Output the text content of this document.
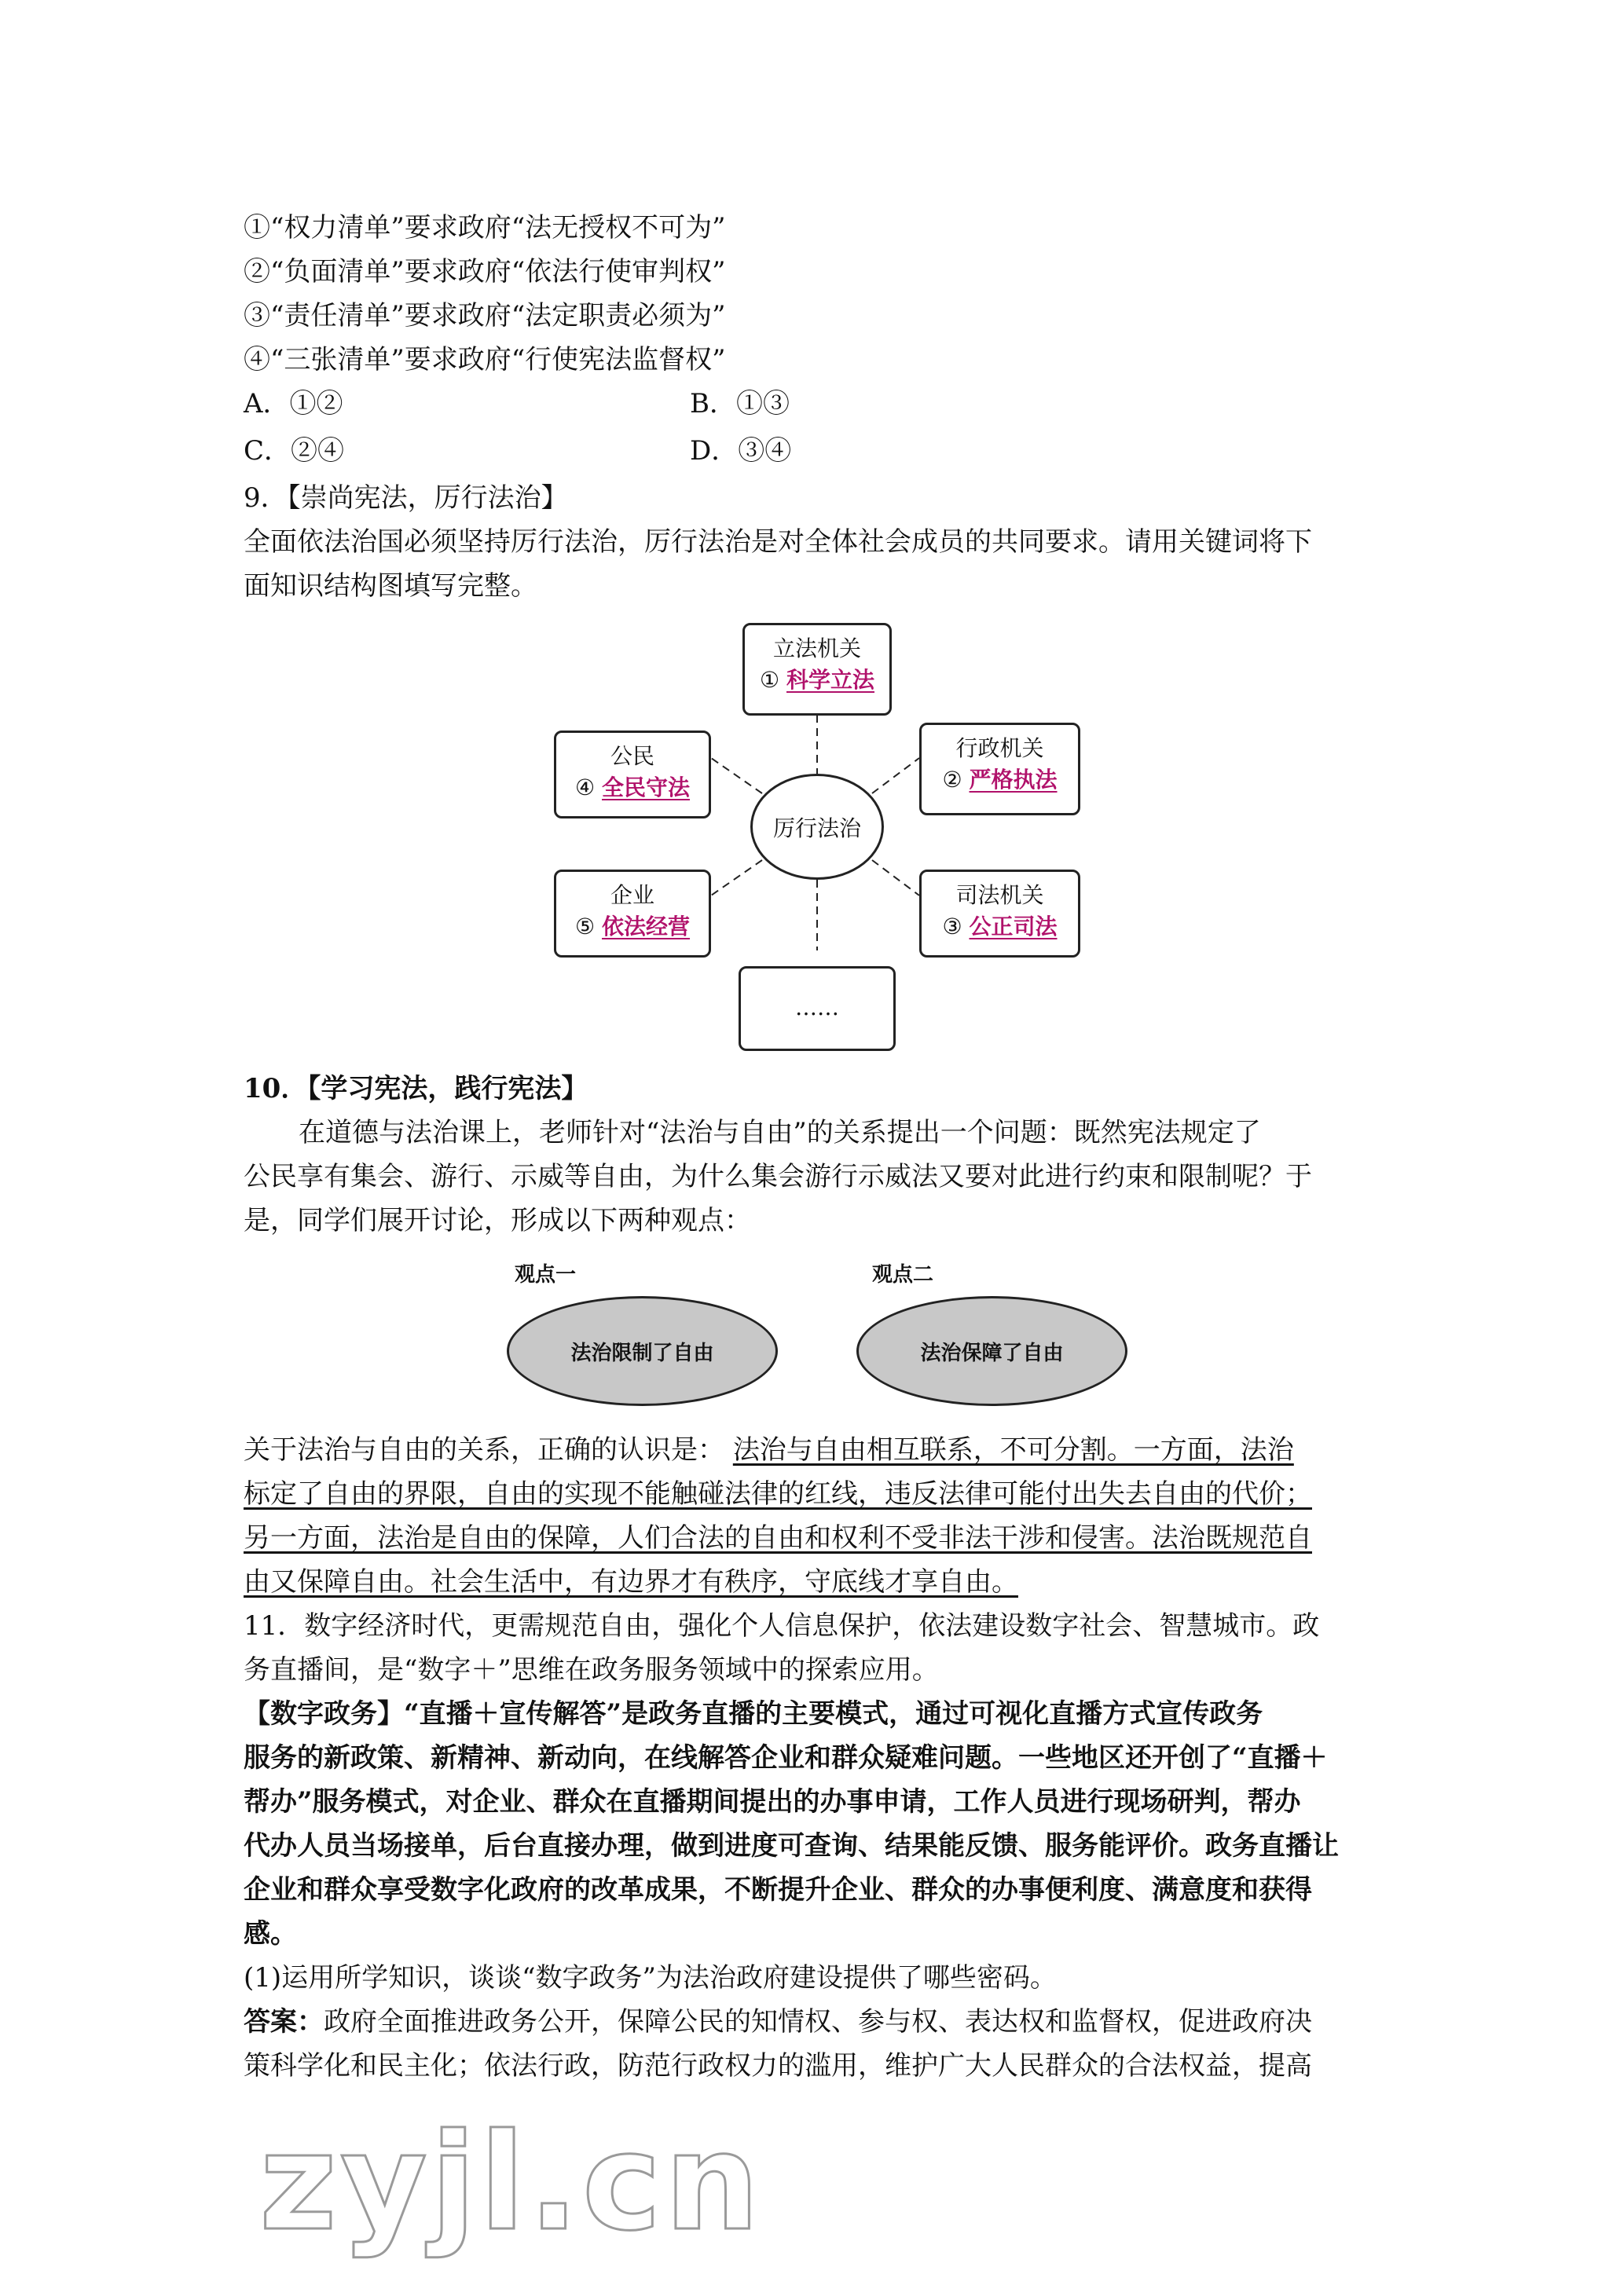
①“权力清单”要求政府“法无授权不可为”
②“负面清单”要求政府“依法行使审判权”
③“责任清单”要求政府“法定职责必须为”
④“三张清单”要求政府“行使宪法监督权”
A．①②	B．①③
C．②④	D．③④
9．【崇尚宪法，厉行法治】
全面依法治国必须坚持厉行法治，厉行法治是对全体社会成员的共同要求。请用关键词将下
面知识结构图填写完整。
立法机关
① 科学立法
行政机关
② 严格执法
公民
④ 全民守法
厉行法治
企业
⑤ 依法经营
司法机关
③ 公正司法
……
10．【学习宪法，践行宪法】
在道德与法治课上，老师针对“法治与自由”的关系提出一个问题：既然宪法规定了
公民享有集会、游行、示威等自由，为什么集会游行示威法又要对此进行约束和限制呢？于
是，同学们展开讨论，形成以下两种观点：
观点一
法治限制了自由
观点二
法治保障了自由
关于法治与自由的关系，正确的认识是： 法治与自由相互联系，不可分割。一方面，法治
标定了自由的界限，自由的实现不能触碰法律的红线，违反法律可能付出失去自由的代价；
另一方面，法治是自由的保障，人们合法的自由和权利不受非法干涉和侵害。法治既规范自
由又保障自由。社会生活中，有边界才有秩序，守底线才享自由。
11．数字经济时代，更需规范自由，强化个人信息保护，依法建设数字社会、智慧城市。政
务直播间，是“数字＋”思维在政务服务领域中的探索应用。
【数字政务】“直播＋宣传解答”是政务直播的主要模式，通过可视化直播方式宣传政务
服务的新政策、新精神、新动向，在线解答企业和群众疑难问题。一些地区还开创了“直播＋
帮办”服务模式，对企业、群众在直播期间提出的办事申请，工作人员进行现场研判，帮办
代办人员当场接单，后台直接办理，做到进度可查询、结果能反馈、服务能评价。政务直播让
企业和群众享受数字化政府的改革成果，不断提升企业、群众的办事便利度、满意度和获得
感。
(1)运用所学知识，谈谈“数字政务”为法治政府建设提供了哪些密码。
答案：政府全面推进政务公开，保障公民的知情权、参与权、表达权和监督权，促进政府决
策科学化和民主化；依法行政，防范行政权力的滥用，维护广大人民群众的合法权益，提高
zyjl.cn
